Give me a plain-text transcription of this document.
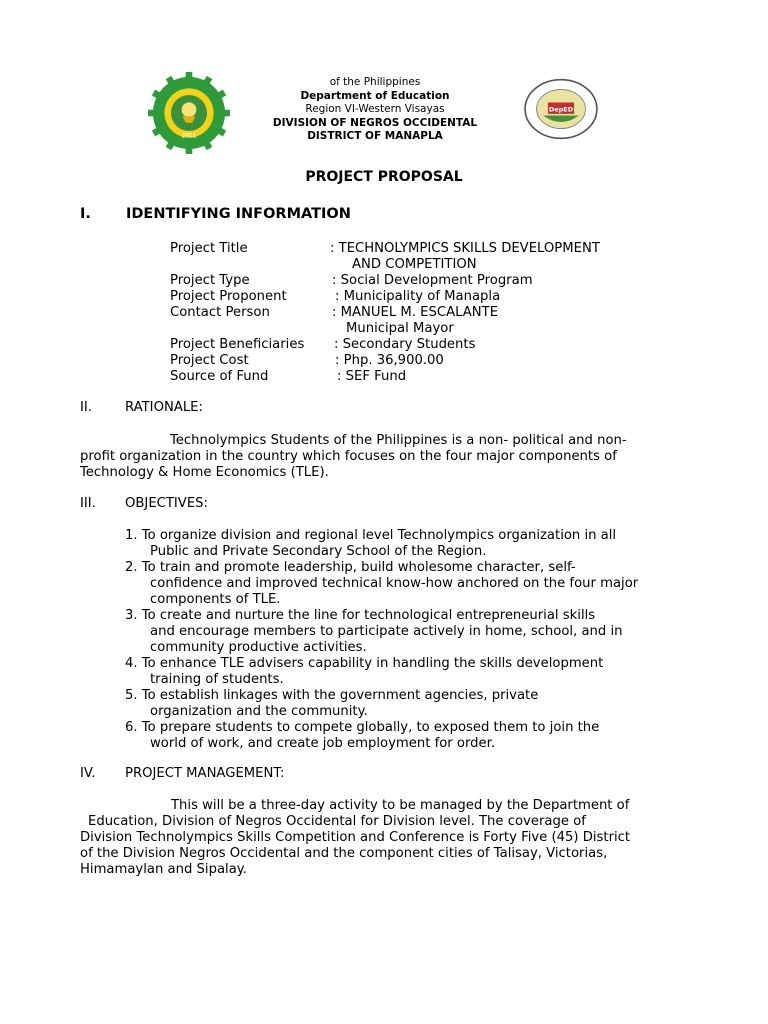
2001
of the Philippines
Department of Education
Region VI-Western Visayas
DIVISION OF NEGROS OCCIDENTAL
DISTRICT OF MANAPLA
DepED
PROJECT PROPOSAL
I. IDENTIFYING INFORMATION
Project Title	: TECHNOLYMPICS SKILLS DEVELOPMENT
AND COMPETITION
Project Type	: Social Development Program
Project Proponent	: Municipality of Manapla
Contact Person	: MANUEL M. ESCALANTE
Municipal Mayor
Project Beneficiaries : Secondary Students
Project Cost	: Php. 36,900.00
Source of Fund	: SEF Fund
II.	RATIONALE:

Technolympics Students of the Philippines is a non- political and non-

profit organization in the country which focuses on the four major components of

Technology & Home Economics (TLE).

III. OBJECTIVES:

1. To organize division and regional level Technolympics organization in all

Public and Private Secondary School of the Region.

2. To train and promote leadership, build wholesome character, self-

confidence and improved technical know-how anchored on the four major

components of TLE.

3. To create and nurture the line for technological entrepreneurial skills

and encourage members to participate actively in home, school, and in

community productive activities.

4. To enhance TLE advisers capability in handling the skills development

training of students.

5. To establish linkages with the government agencies, private

organization and the community.

6. To prepare students to compete globally, to exposed them to join the

world of work, and create job employment for order.

IV. PROJECT MANAGEMENT:

This will be a three-day activity to be managed by the Department of

Education, Division of Negros Occidental for Division level. The coverage of

Division Technolympics Skills Competition and Conference is Forty Five (45) District

of the Division Negros Occidental and the component cities of Talisay, Victorias,

Himamaylan and Sipalay.
